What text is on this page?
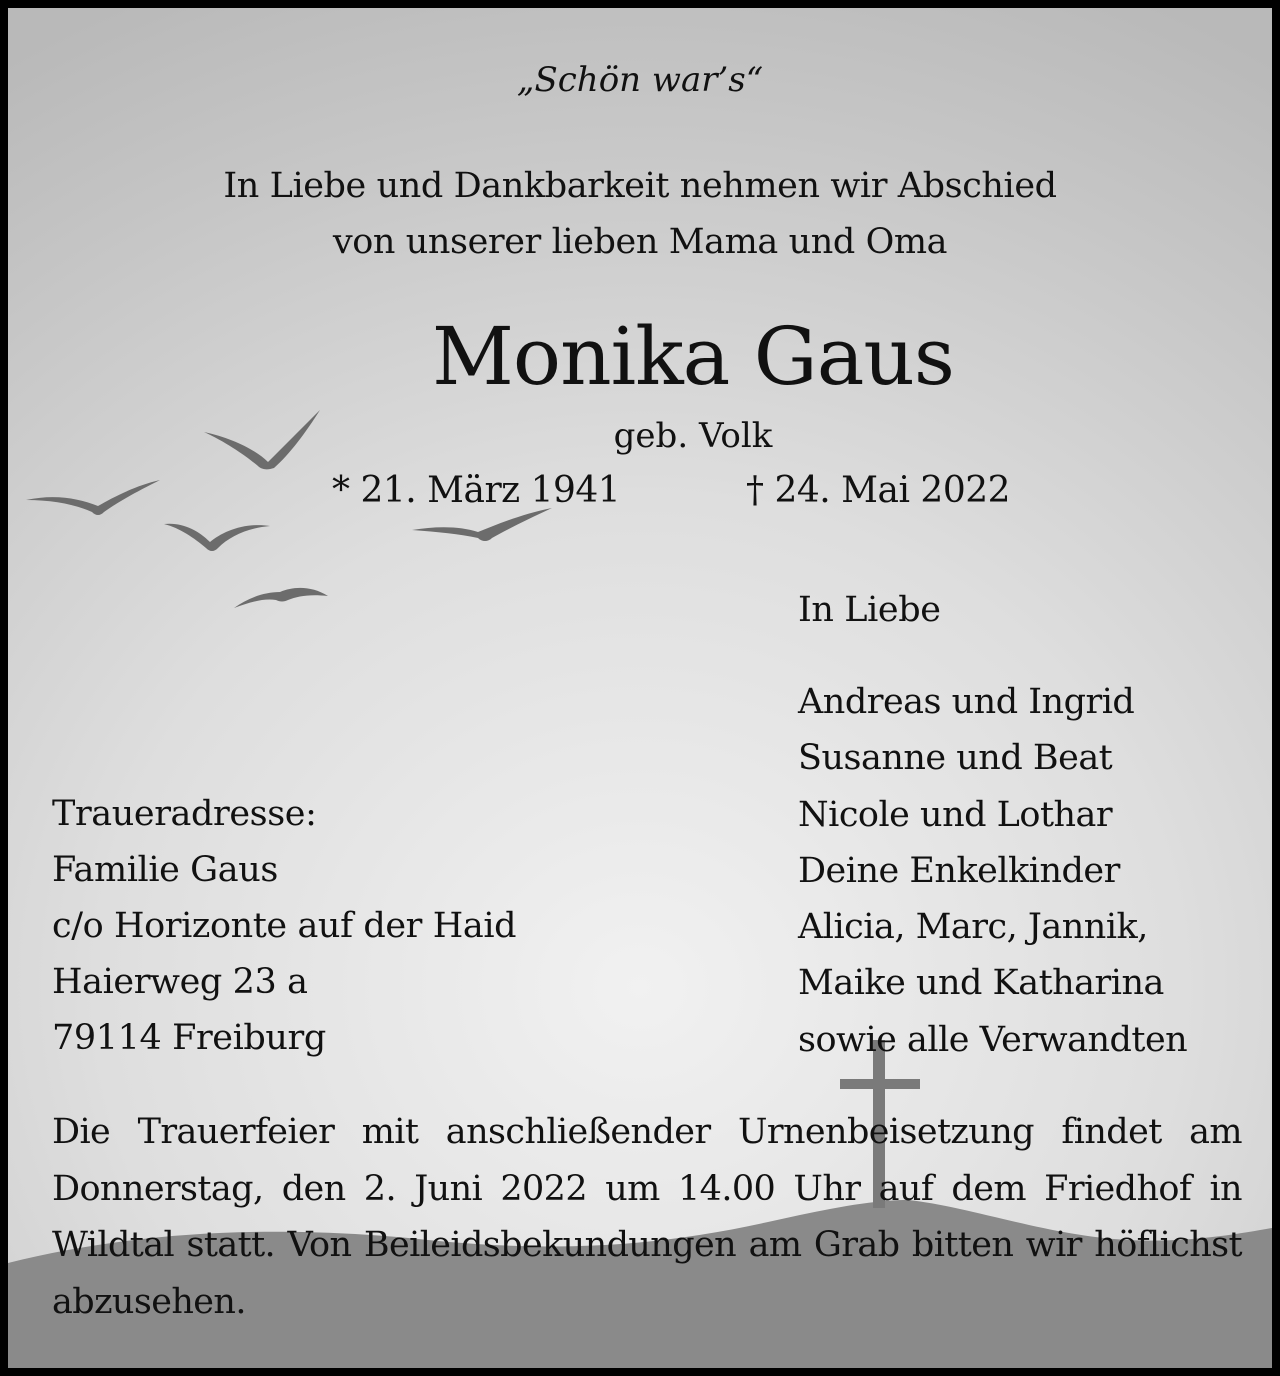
„Schön war’s“

In Liebe und Dankbarkeit nehmen wir Abschied
von unserer lieben Mama und Oma
Monika Gaus

geb. Volk

* 21. März 1941	† 24. Mai 2022

In Liebe

Andreas und Ingrid
Susanne und Beat
Nicole und Lothar
Deine Enkelkinder
Alicia, Marc, Jannik,
Maike und Katharina
sowie alle Verwandten
Traueradresse:
Familie Gaus
c/o Horizonte auf der Haid
Haierweg 23 a
79114 Freiburg

Die Trauerfeier mit anschließender Urnenbeisetzung findet am Donnerstag, den 2. Juni 2022 um 14.00 Uhr auf dem Friedhof in Wildtal statt. Von Beileidsbekundungen am Grab bitten wir höflichst abzusehen.
